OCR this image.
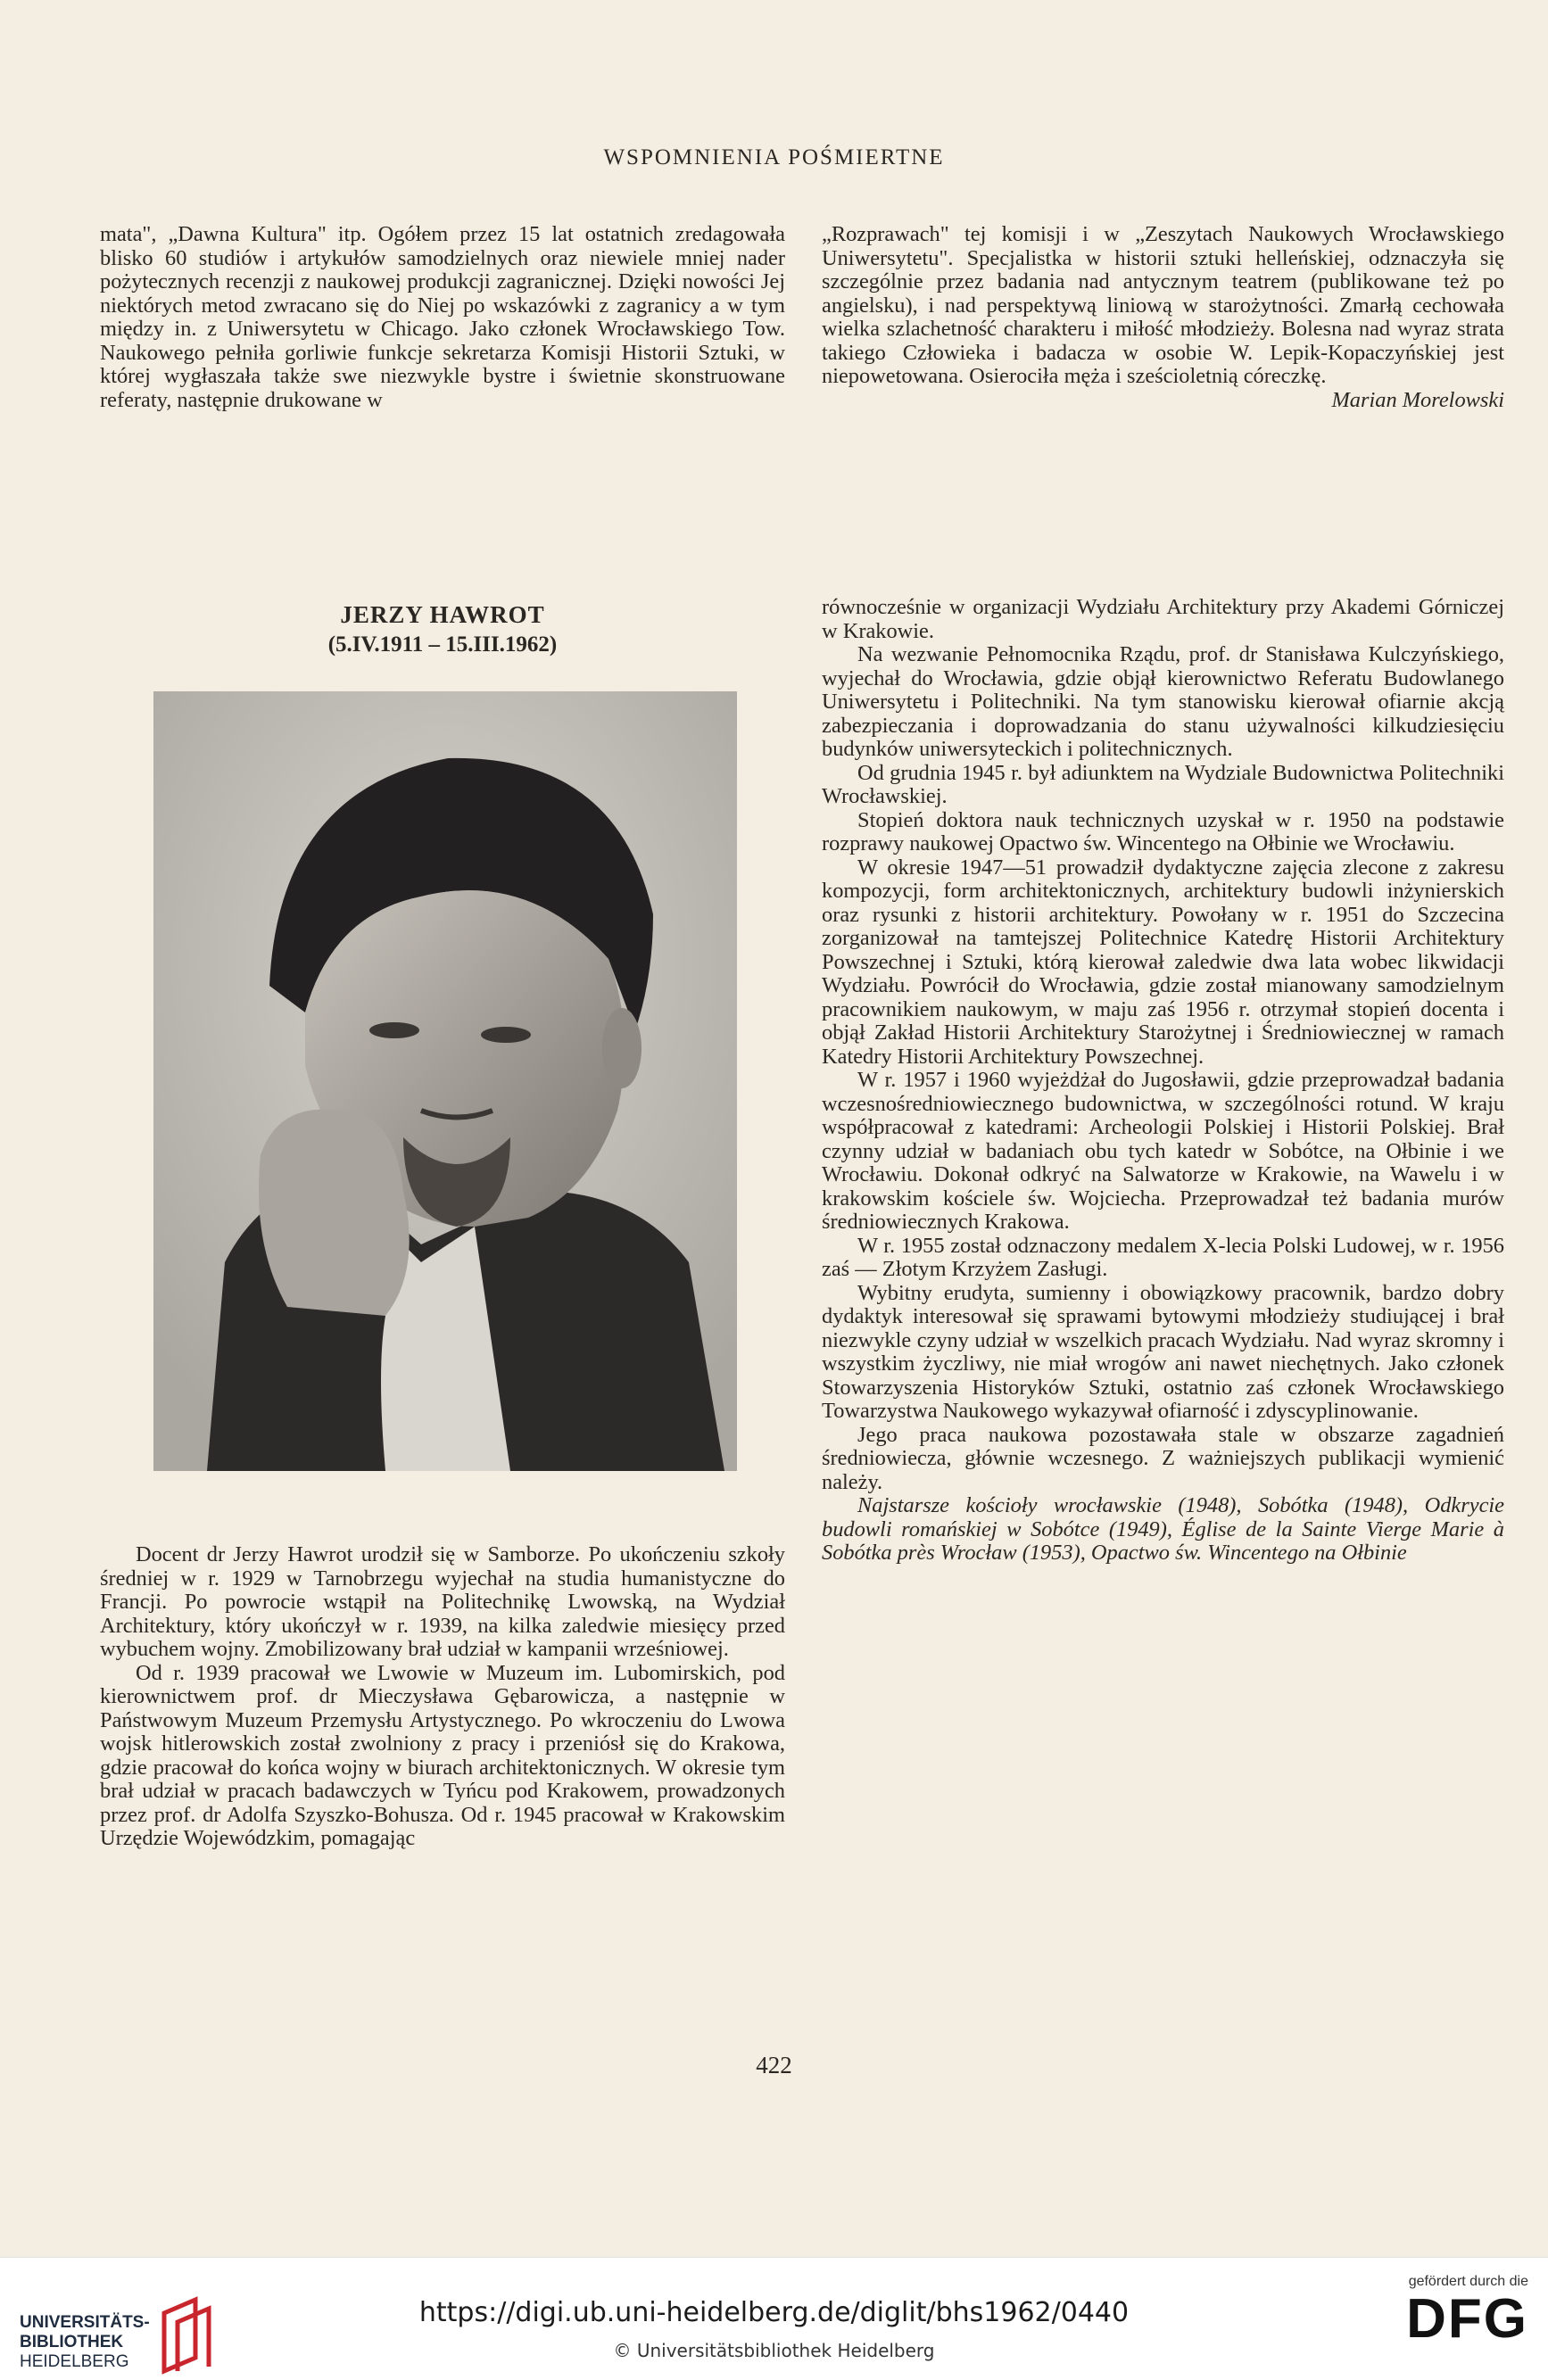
WSPOMNIENIA POŚMIERTNE

mata", „Dawna Kultura" itp. Ogółem przez 15 lat ostatnich zredagowała blisko 60 studiów i artykułów samodzielnych oraz niewiele mniej nader pożytecznych recenzji z naukowej produkcji zagranicznej. Dzięki nowości Jej niektórych metod zwracano się do Niej po wskazówki z zagranicy a w tym między in. z Uniwersytetu w Chicago. Jako członek Wrocławskiego Tow. Naukowego pełniła gorliwie funkcje sekretarza Komisji Historii Sztuki, w której wygłaszała także swe niezwykle bystre i świetnie skonstruowane referaty, następnie drukowane w

„Rozprawach" tej komisji i w „Zeszytach Naukowych Wrocławskiego Uniwersytetu". Specjalistka w historii sztuki helleńskiej, odznaczyła się szczególnie przez badania nad antycznym teatrem (publikowane też po angielsku), i nad perspektywą liniową w starożytności. Zmarłą cechowała wielka szlachetność charakteru i miłość młodzieży. Bolesna nad wyraz strata takiego Człowieka i badacza w osobie W. Lepik-Kopaczyńskiej jest niepowetowana. Osierociła męża i sześcioletnią córeczkę.

Marian Morelowski

JERZY HAWROT
(5.IV.1911 – 15.III.1962)

Docent dr Jerzy Hawrot urodził się w Samborze. Po ukończeniu szkoły średniej w r. 1929 w Tarnobrzegu wyjechał na studia humanistyczne do Francji. Po powrocie wstąpił na Politechnikę Lwowską, na Wydział Architektury, który ukończył w r. 1939, na kilka zaledwie miesięcy przed wybuchem wojny. Zmobilizowany brał udział w kampanii wrześniowej.

Od r. 1939 pracował we Lwowie w Muzeum im. Lubomirskich, pod kierownictwem prof. dr Mieczysława Gębarowicza, a następnie w Państwowym Muzeum Przemysłu Artystycznego. Po wkroczeniu do Lwowa wojsk hitlerowskich został zwolniony z pracy i przeniósł się do Krakowa, gdzie pracował do końca wojny w biurach architektonicznych. W okresie tym brał udział w pracach badawczych w Tyńcu pod Krakowem, prowadzonych przez prof. dr Adolfa Szyszko-Bohusza. Od r. 1945 pracował w Krakowskim Urzędzie Wojewódzkim, pomagając

równocześnie w organizacji Wydziału Architektury przy Akademi Górniczej w Krakowie.

Na wezwanie Pełnomocnika Rządu, prof. dr Stanisława Kulczyńskiego, wyjechał do Wrocławia, gdzie objął kierownictwo Referatu Budowlanego Uniwersytetu i Politechniki. Na tym stanowisku kierował ofiarnie akcją zabezpieczania i doprowadzania do stanu używalności kilkudziesięciu budynków uniwersyteckich i politechnicznych.

Od grudnia 1945 r. był adiunktem na Wydziale Budownictwa Politechniki Wrocławskiej.

Stopień doktora nauk technicznych uzyskał w r. 1950 na podstawie rozprawy naukowej Opactwo św. Wincentego na Ołbinie we Wrocławiu.

W okresie 1947—51 prowadził dydaktyczne zajęcia zlecone z zakresu kompozycji, form architektonicznych, architektury budowli inżynierskich oraz rysunki z historii architektury. Powołany w r. 1951 do Szczecina zorganizował na tamtejszej Politechnice Katedrę Historii Architektury Powszechnej i Sztuki, którą kierował zaledwie dwa lata wobec likwidacji Wydziału. Powrócił do Wrocławia, gdzie został mianowany samodzielnym pracownikiem naukowym, w maju zaś 1956 r. otrzymał stopień docenta i objął Zakład Historii Architektury Starożytnej i Średniowiecznej w ramach Katedry Historii Architektury Powszechnej.

W r. 1957 i 1960 wyjeżdżał do Jugosławii, gdzie przeprowadzał badania wczesnośredniowiecznego budownictwa, w szczególności rotund. W kraju współpracował z katedrami: Archeologii Polskiej i Historii Polskiej. Brał czynny udział w badaniach obu tych katedr w Sobótce, na Ołbinie i we Wrocławiu. Dokonał odkryć na Salwatorze w Krakowie, na Wawelu i w krakowskim kościele św. Wojciecha. Przeprowadzał też badania murów średniowiecznych Krakowa.

W r. 1955 został odznaczony medalem X-lecia Polski Ludowej, w r. 1956 zaś — Złotym Krzyżem Zasługi.

Wybitny erudyta, sumienny i obowiązkowy pracownik, bardzo dobry dydaktyk interesował się sprawami bytowymi młodzieży studiującej i brał niezwykle czyny udział w wszelkich pracach Wydziału. Nad wyraz skromny i wszystkim życzliwy, nie miał wrogów ani nawet niechętnych. Jako członek Stowarzyszenia Historyków Sztuki, ostatnio zaś członek Wrocławskiego Towarzystwa Naukowego wykazywał ofiarność i zdyscyplinowanie.

Jego praca naukowa pozostawała stale w obszarze zagadnień średniowiecza, głównie wczesnego. Z ważniejszych publikacji wymienić należy.

Najstarsze kościoły wrocławskie (1948), Sobótka (1948), Odkrycie budowli romańskiej w Sobótce (1949), Église de la Sainte Vierge Marie à Sobótka près Wrocław (1953), Opactwo św. Wincentego na Ołbinie

422
UNIVERSITÄTS-
BIBLIOTHEK
HEIDELBERG
https://digi.ub.uni-heidelberg.de/diglit/bhs1962/0440
© Universitätsbibliothek Heidelberg
gefördert durch die
DFG
